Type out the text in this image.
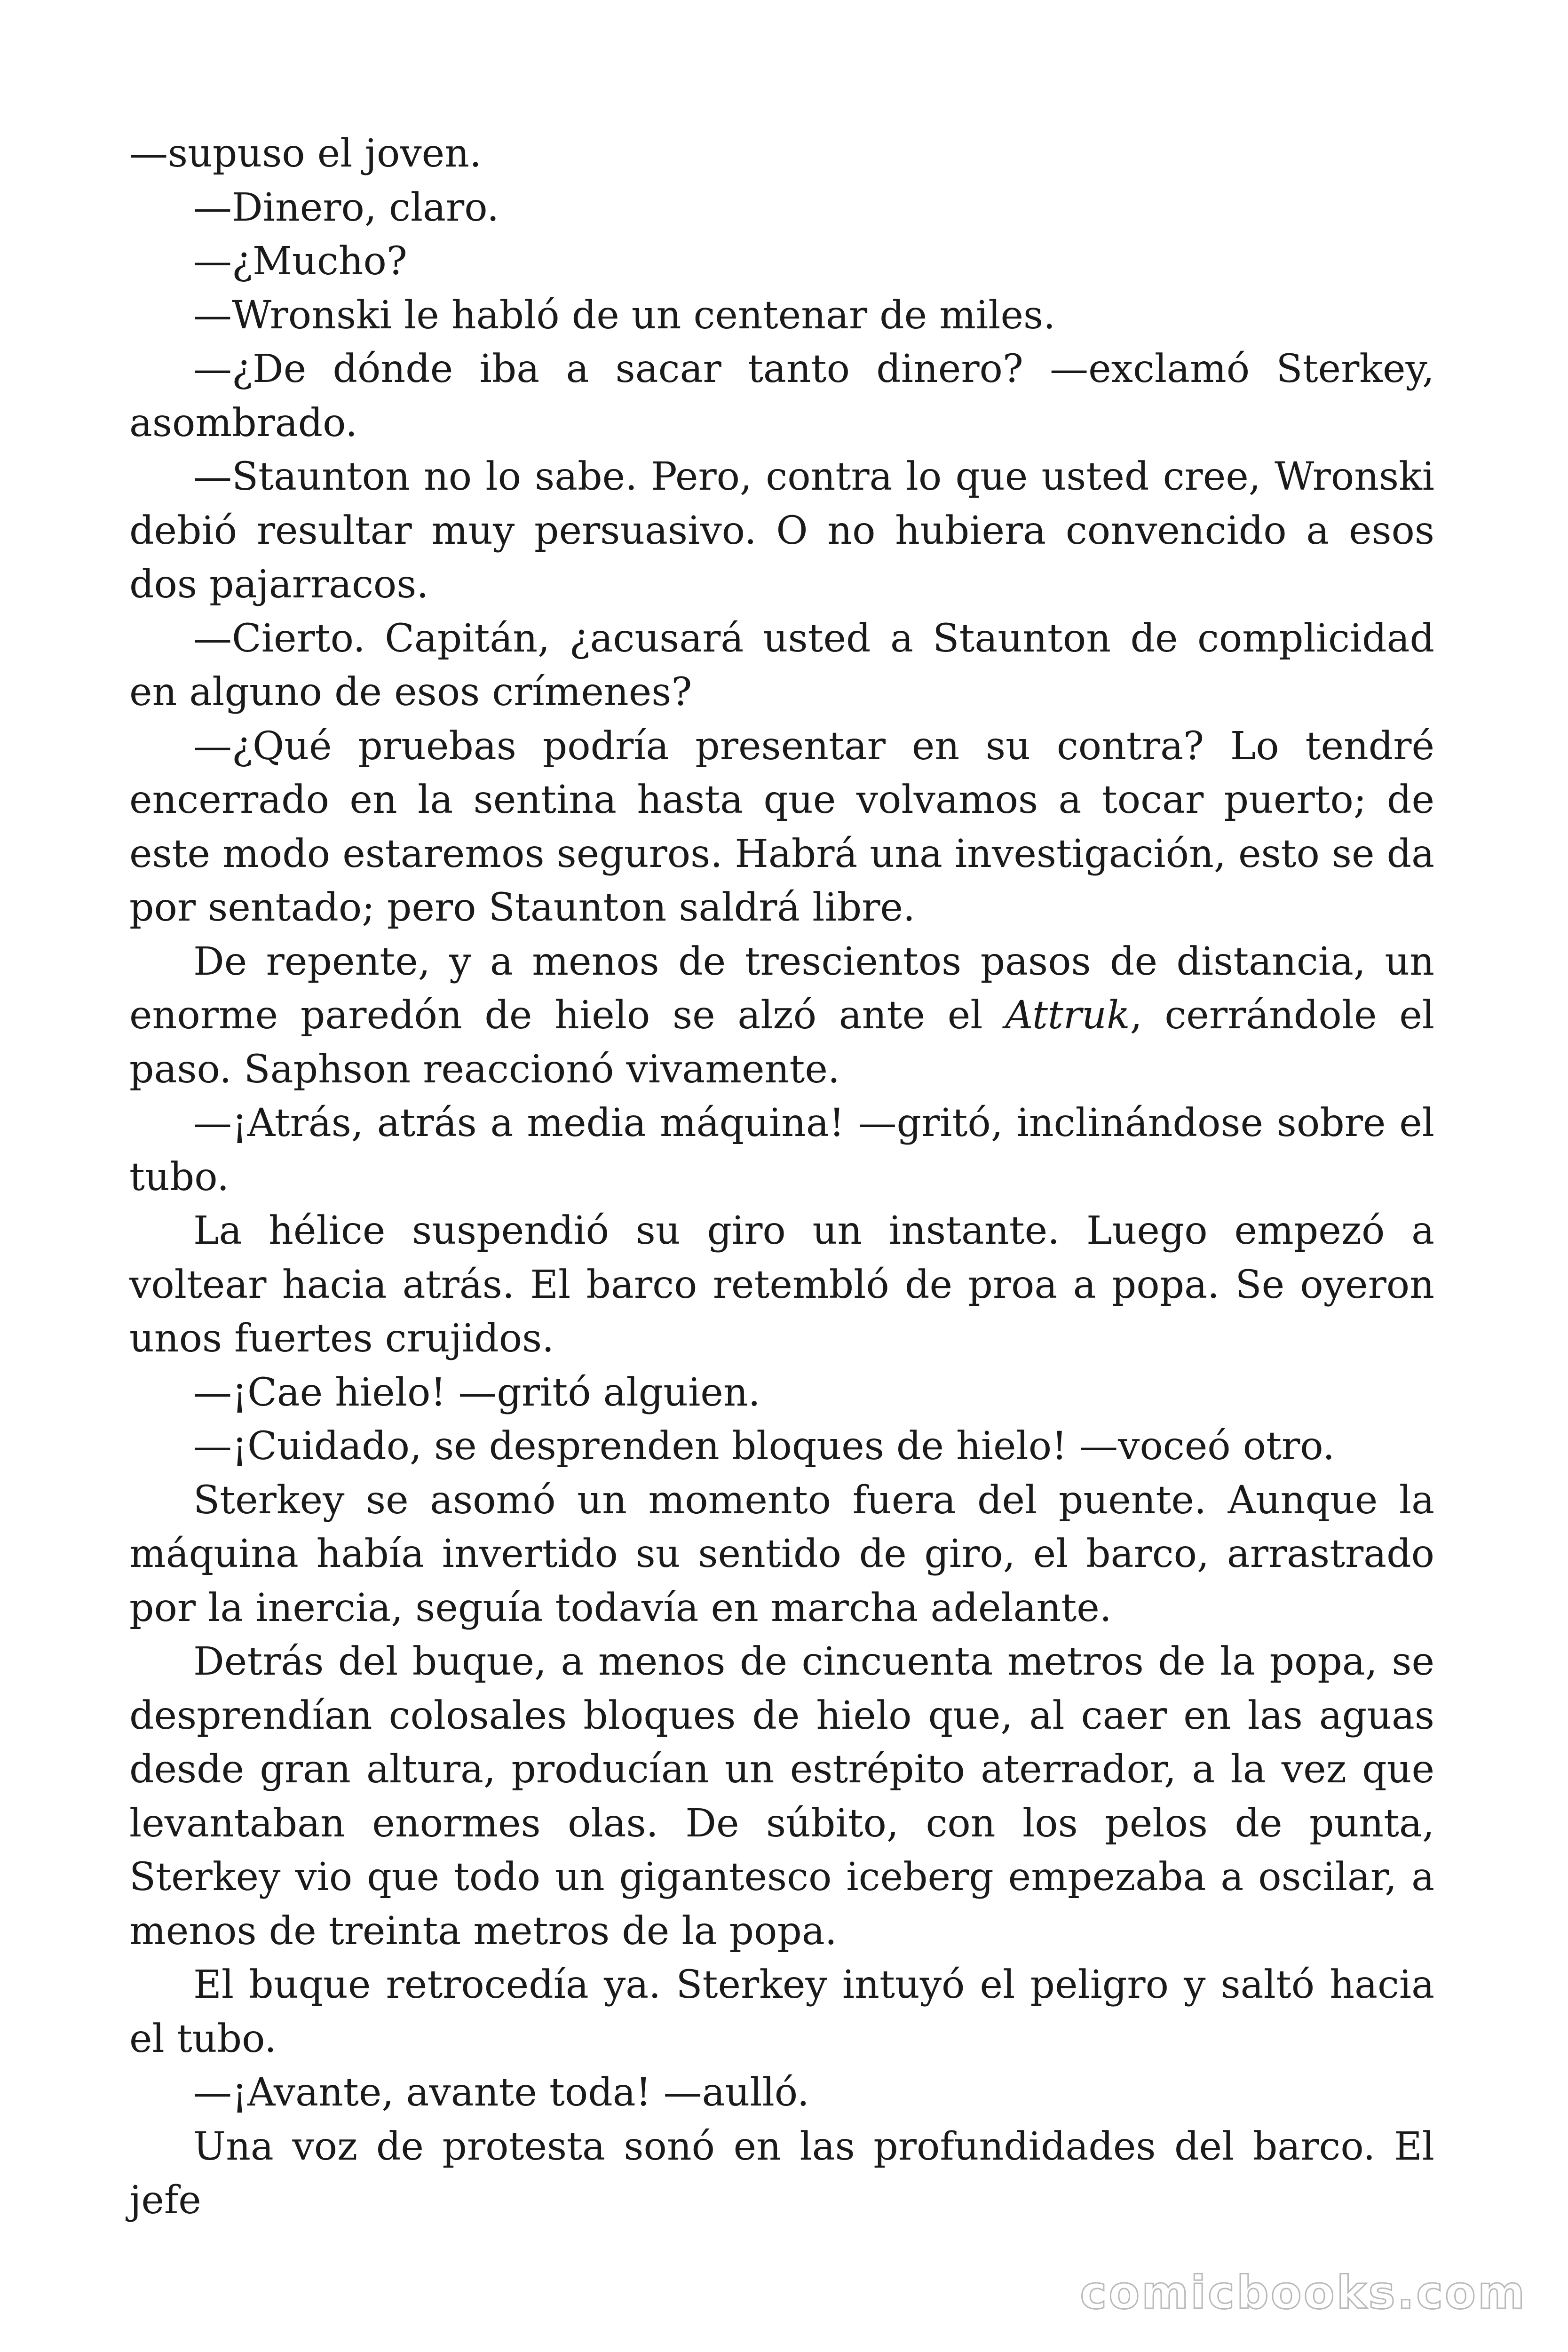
—supuso el joven.

—Dinero, claro.

—¿Mucho?

—Wronski le habló de un centenar de miles.

—¿De dónde iba a sacar tanto dinero? —exclamó Sterkey, asombrado.

—Staunton no lo sabe. Pero, contra lo que usted cree, Wronski debió resultar muy persuasivo. O no hubiera convencido a esos dos pajarracos.

—Cierto. Capitán, ¿acusará usted a Staunton de complicidad en alguno de esos crímenes?

—¿Qué pruebas podría presentar en su contra? Lo tendré encerrado en la sentina hasta que volvamos a tocar puerto; de este modo estaremos seguros. Habrá una investigación, esto se da por sentado; pero Staunton saldrá libre.

De repente, y a menos de trescientos pasos de distancia, un enorme paredón de hielo se alzó ante el Attruk, cerrándole el paso. Saphson reaccionó vivamente.

—¡Atrás, atrás a media máquina! —gritó, inclinándose sobre el tubo.

La hélice suspendió su giro un instante. Luego empezó a voltear hacia atrás. El barco retembló de proa a popa. Se oyeron unos fuertes crujidos.

—¡Cae hielo! —gritó alguien.

—¡Cuidado, se desprenden bloques de hielo! —voceó otro.

Sterkey se asomó un momento fuera del puente. Aunque la máquina había invertido su sentido de giro, el barco, arrastrado por la inercia, seguía todavía en marcha adelante.

Detrás del buque, a menos de cincuenta metros de la popa, se desprendían colosales bloques de hielo que, al caer en las aguas desde gran altura, producían un estrépito aterrador, a la vez que levantaban enormes olas. De súbito, con los pelos de punta, Sterkey vio que todo un gigantesco iceberg empezaba a oscilar, a menos de treinta metros de la popa.

El buque retrocedía ya. Sterkey intuyó el peligro y saltó hacia el tubo.

—¡Avante, avante toda! —aulló.

Una voz de protesta sonó en las profundidades del barco. El jefe

comicbooks.com
